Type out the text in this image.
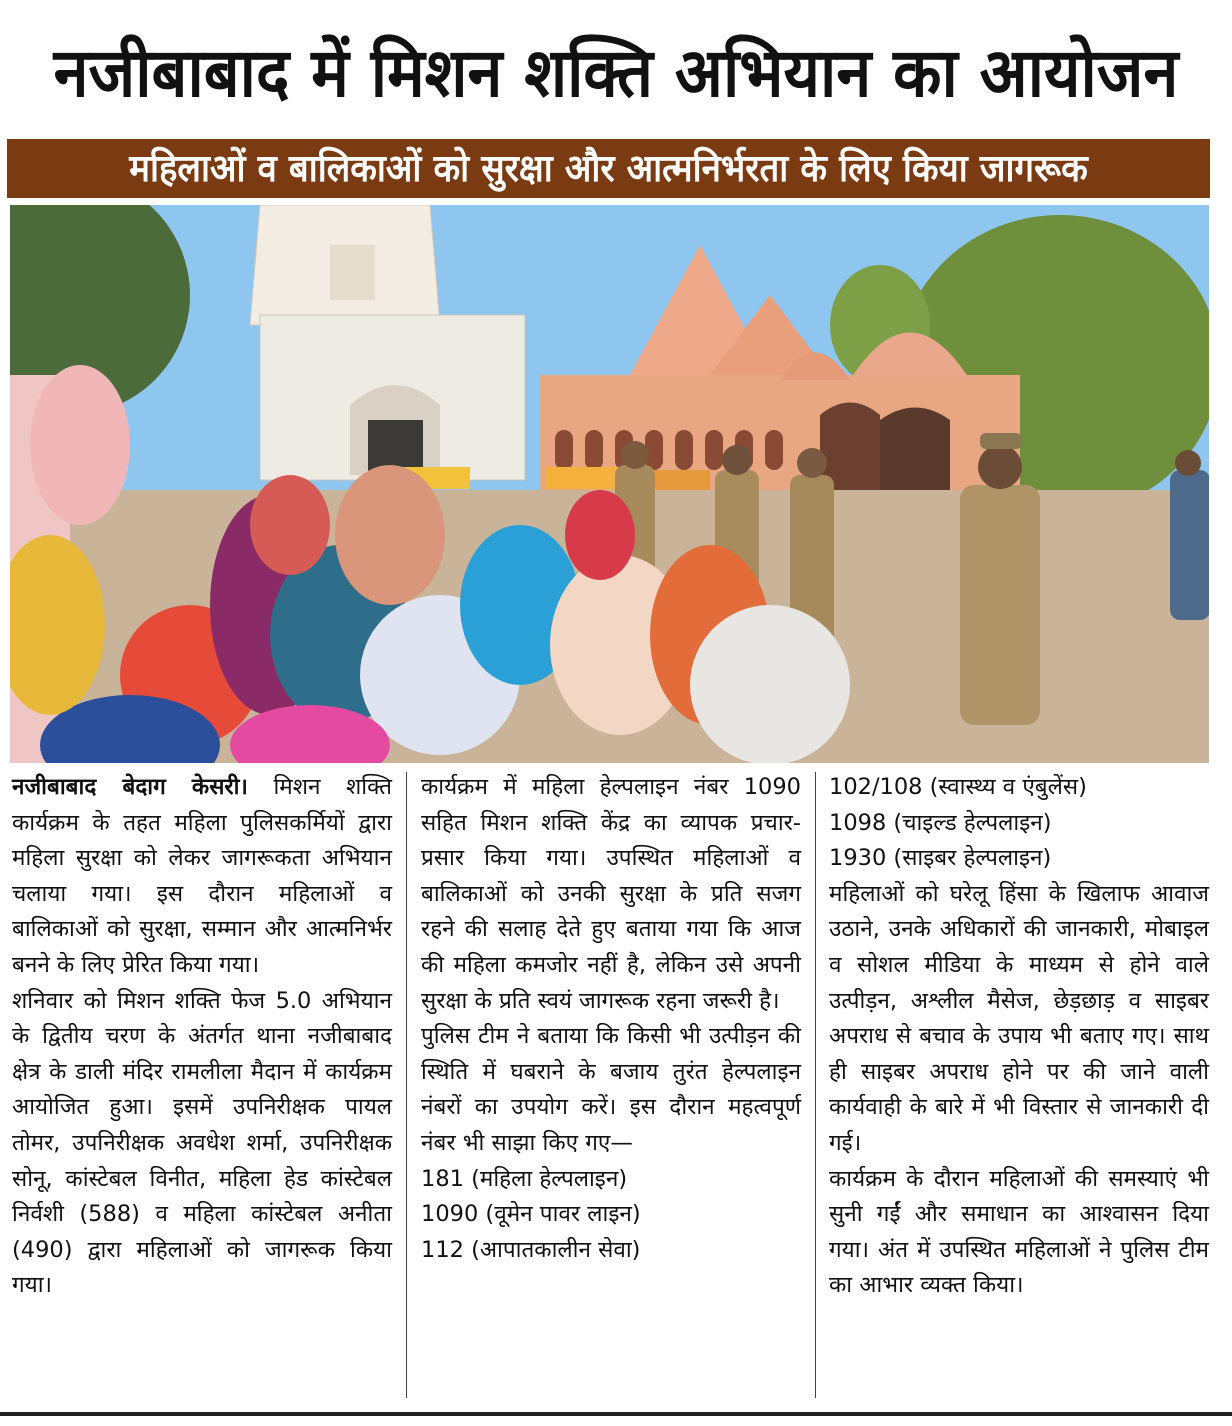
नजीबाबाद में मिशन शक्ति अभियान का आयोजन
महिलाओं व बालिकाओं को सुरक्षा और आत्मनिर्भरता के लिए किया जागरूक

नजीबाबाद बेदाग केसरी। मिशन शक्ति कार्यक्रम के तहत महिला पुलिसकर्मियों द्वारा महिला सुरक्षा को लेकर जागरूकता अभियान चलाया गया। इस दौरान महिलाओं व बालिकाओं को सुरक्षा, सम्मान और आत्मनिर्भर बनने के लिए प्रेरित किया गया।

शनिवार को मिशन शक्ति फेज 5.0 अभियान के द्वितीय चरण के अंतर्गत थाना नजीबाबाद क्षेत्र के डाली मंदिर रामलीला मैदान में कार्यक्रम आयोजित हुआ। इसमें उपनिरीक्षक पायल तोमर, उपनिरीक्षक अवधेश शर्मा, उपनिरीक्षक सोनू, कांस्टेबल विनीत, महिला हेड कांस्टेबल निर्वशी (588) व महिला कांस्टेबल अनीता (490) द्वारा महिलाओं को जागरूक किया गया।

कार्यक्रम में महिला हेल्पलाइन नंबर 1090 सहित मिशन शक्ति केंद्र का व्यापक प्रचार-प्रसार किया गया। उपस्थित महिलाओं व बालिकाओं को उनकी सुरक्षा के प्रति सजग रहने की सलाह देते हुए बताया गया कि आज की महिला कमजोर नहीं है, लेकिन उसे अपनी सुरक्षा के प्रति स्वयं जागरूक रहना जरूरी है।

पुलिस टीम ने बताया कि किसी भी उत्पीड़न की स्थिति में घबराने के बजाय तुरंत हेल्पलाइन नंबरों का उपयोग करें। इस दौरान महत्वपूर्ण नंबर भी साझा किए गए—

181 (महिला हेल्पलाइन)
1090 (वूमेन पावर लाइन)
112 (आपातकालीन सेवा)
102/108 (स्वास्थ्य व एंबुलेंस)
1098 (चाइल्ड हेल्पलाइन)
1930 (साइबर हेल्पलाइन)

महिलाओं को घरेलू हिंसा के खिलाफ आवाज उठाने, उनके अधिकारों की जानकारी, मोबाइल व सोशल मीडिया के माध्यम से होने वाले उत्पीड़न, अश्लील मैसेज, छेड़छाड़ व साइबर अपराध से बचाव के उपाय भी बताए गए। साथ ही साइबर अपराध होने पर की जाने वाली कार्यवाही के बारे में भी विस्तार से जानकारी दी गई।

कार्यक्रम के दौरान महिलाओं की समस्याएं भी सुनी गईं और समाधान का आश्वासन दिया गया। अंत में उपस्थित महिलाओं ने पुलिस टीम का आभार व्यक्त किया।
